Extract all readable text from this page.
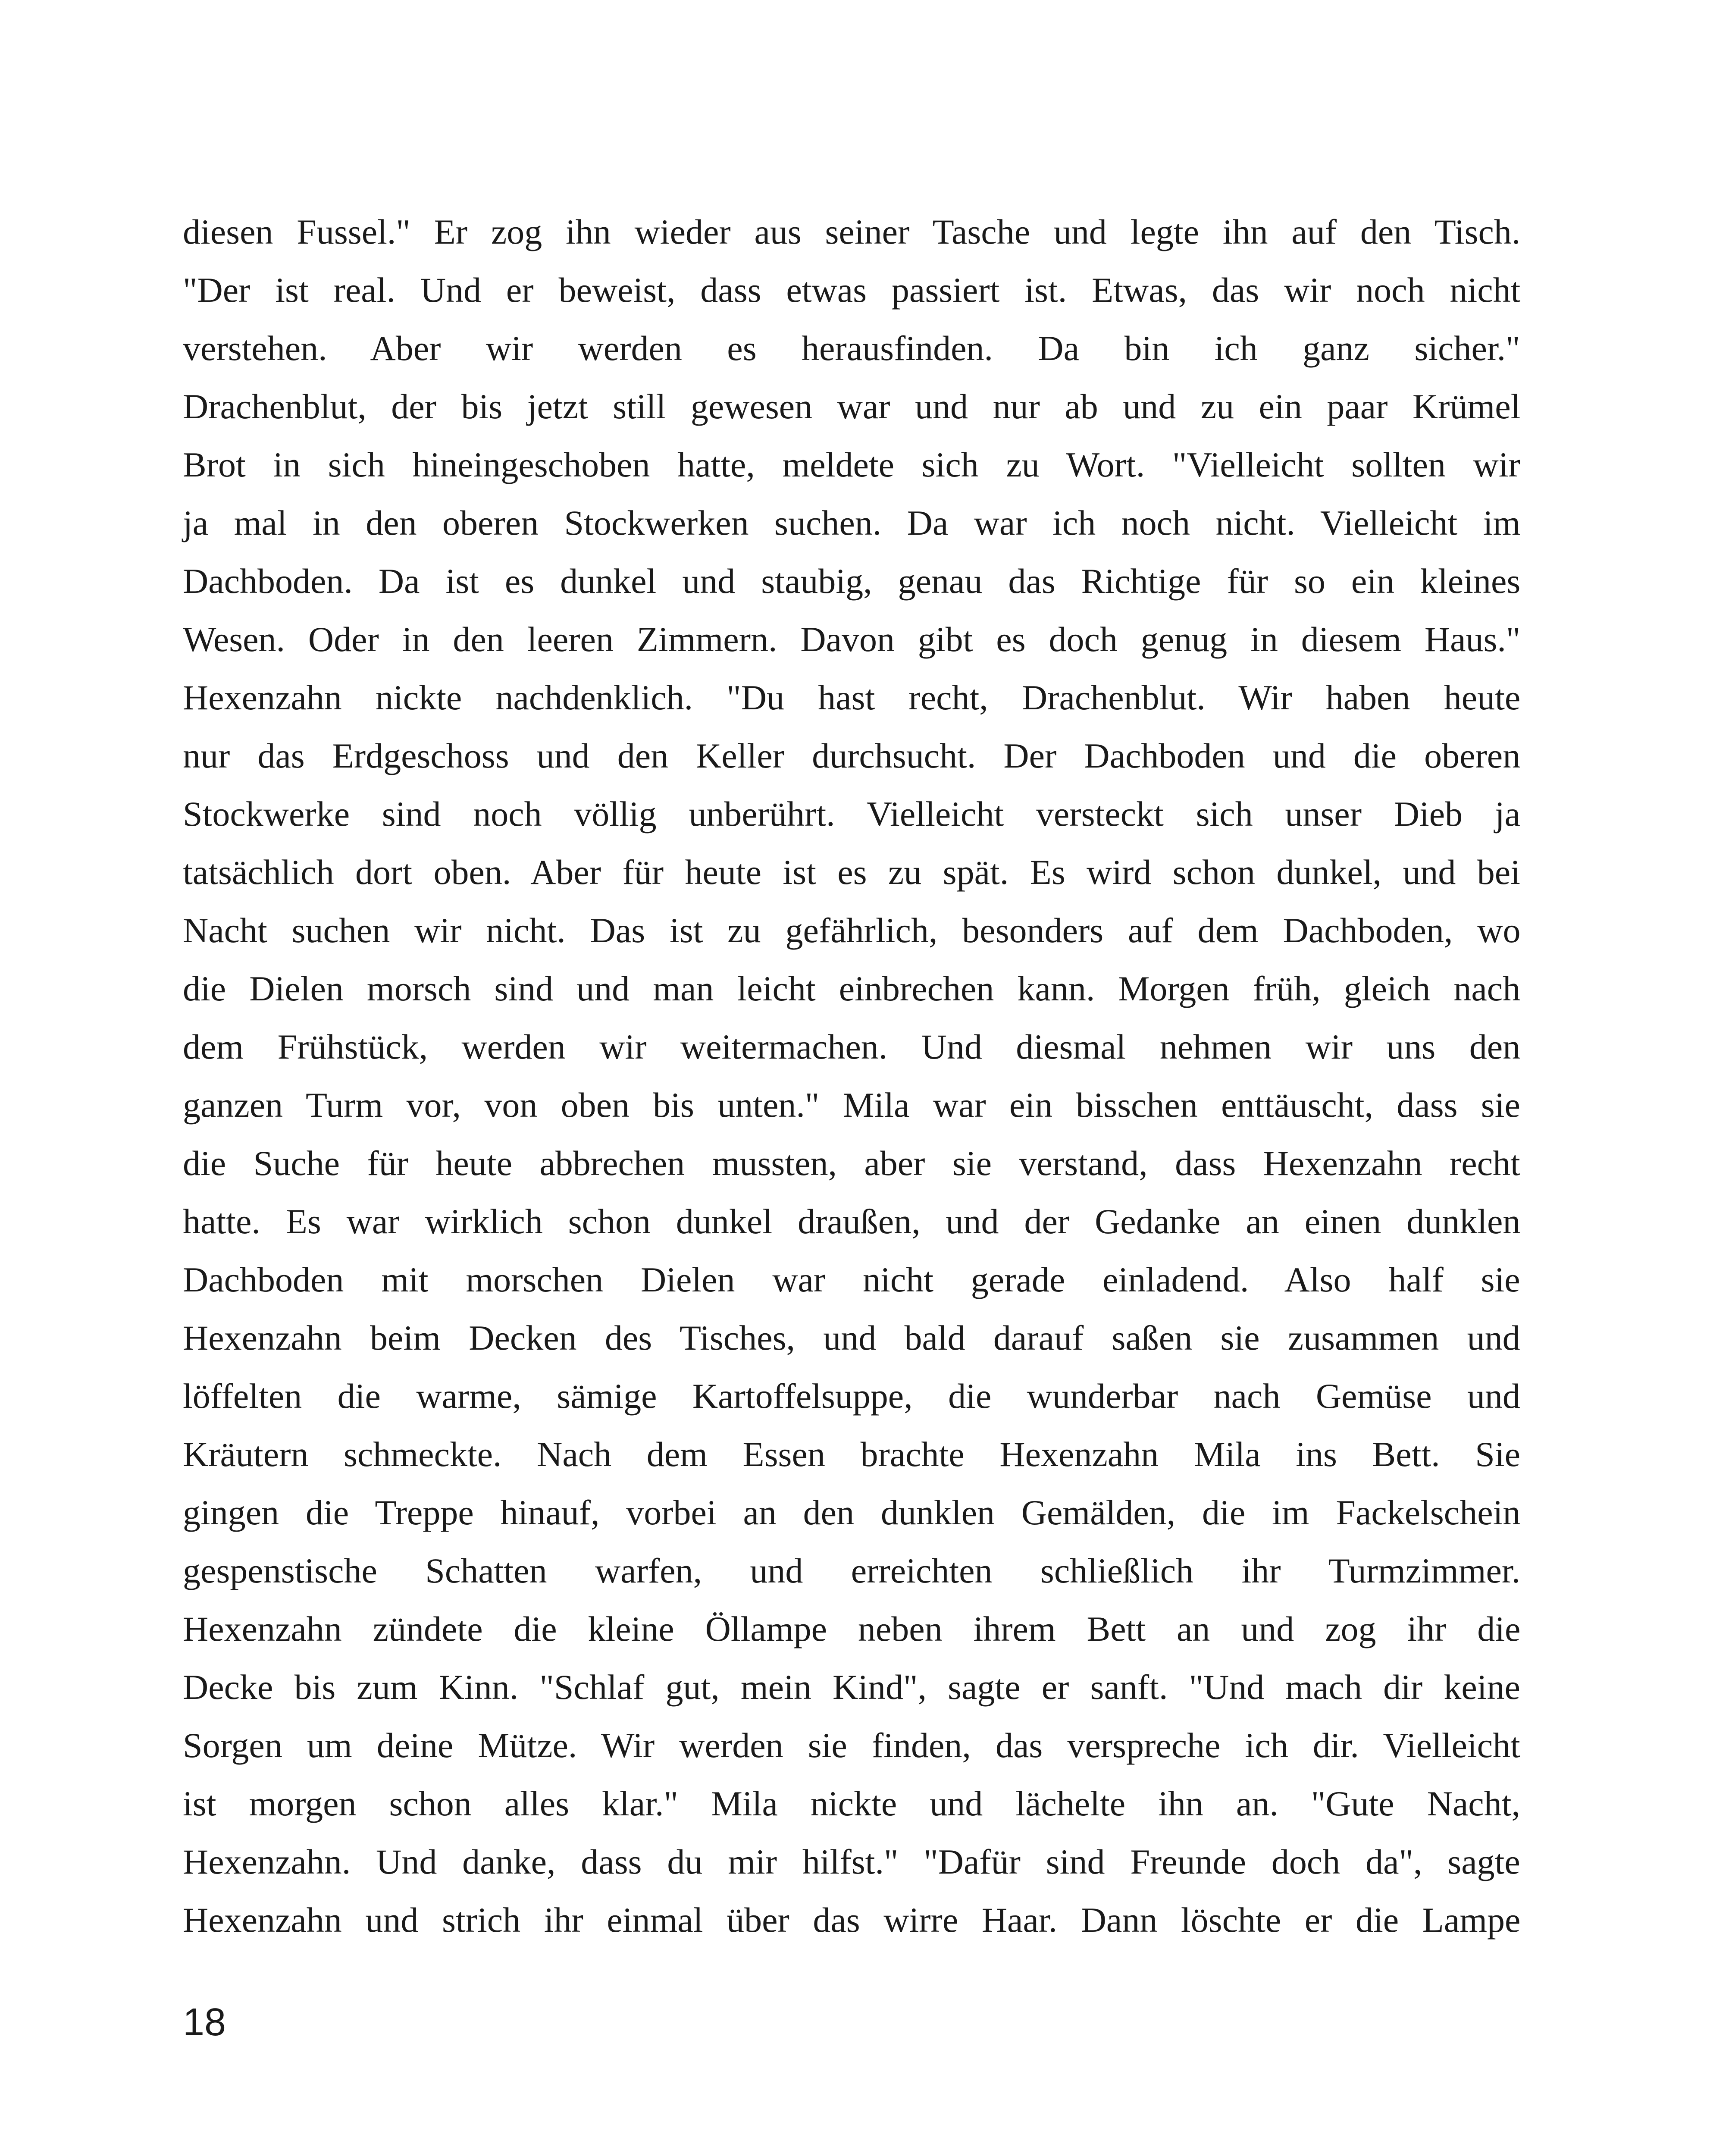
diesen Fussel." Er zog ihn wieder aus seiner Tasche und legte ihn auf den Tisch.
"Der ist real. Und er beweist, dass etwas passiert ist. Etwas, das wir noch nicht
verstehen. Aber wir werden es herausfinden. Da bin ich ganz sicher."
Drachenblut, der bis jetzt still gewesen war und nur ab und zu ein paar Krümel
Brot in sich hineingeschoben hatte, meldete sich zu Wort. "Vielleicht sollten wir
ja mal in den oberen Stockwerken suchen. Da war ich noch nicht. Vielleicht im
Dachboden. Da ist es dunkel und staubig, genau das Richtige für so ein kleines
Wesen. Oder in den leeren Zimmern. Davon gibt es doch genug in diesem Haus."
Hexenzahn nickte nachdenklich. "Du hast recht, Drachenblut. Wir haben heute
nur das Erdgeschoss und den Keller durchsucht. Der Dachboden und die oberen
Stockwerke sind noch völlig unberührt. Vielleicht versteckt sich unser Dieb ja
tatsächlich dort oben. Aber für heute ist es zu spät. Es wird schon dunkel, und bei
Nacht suchen wir nicht. Das ist zu gefährlich, besonders auf dem Dachboden, wo
die Dielen morsch sind und man leicht einbrechen kann. Morgen früh, gleich nach
dem Frühstück, werden wir weitermachen. Und diesmal nehmen wir uns den
ganzen Turm vor, von oben bis unten." Mila war ein bisschen enttäuscht, dass sie
die Suche für heute abbrechen mussten, aber sie verstand, dass Hexenzahn recht
hatte. Es war wirklich schon dunkel draußen, und der Gedanke an einen dunklen
Dachboden mit morschen Dielen war nicht gerade einladend. Also half sie
Hexenzahn beim Decken des Tisches, und bald darauf saßen sie zusammen und
löffelten die warme, sämige Kartoffelsuppe, die wunderbar nach Gemüse und
Kräutern schmeckte. Nach dem Essen brachte Hexenzahn Mila ins Bett. Sie
gingen die Treppe hinauf, vorbei an den dunklen Gemälden, die im Fackelschein
gespenstische Schatten warfen, und erreichten schließlich ihr Turmzimmer.
Hexenzahn zündete die kleine Öllampe neben ihrem Bett an und zog ihr die
Decke bis zum Kinn. "Schlaf gut, mein Kind", sagte er sanft. "Und mach dir keine
Sorgen um deine Mütze. Wir werden sie finden, das verspreche ich dir. Vielleicht
ist morgen schon alles klar." Mila nickte und lächelte ihn an. "Gute Nacht,
Hexenzahn. Und danke, dass du mir hilfst." "Dafür sind Freunde doch da", sagte
Hexenzahn und strich ihr einmal über das wirre Haar. Dann löschte er die Lampe
18
